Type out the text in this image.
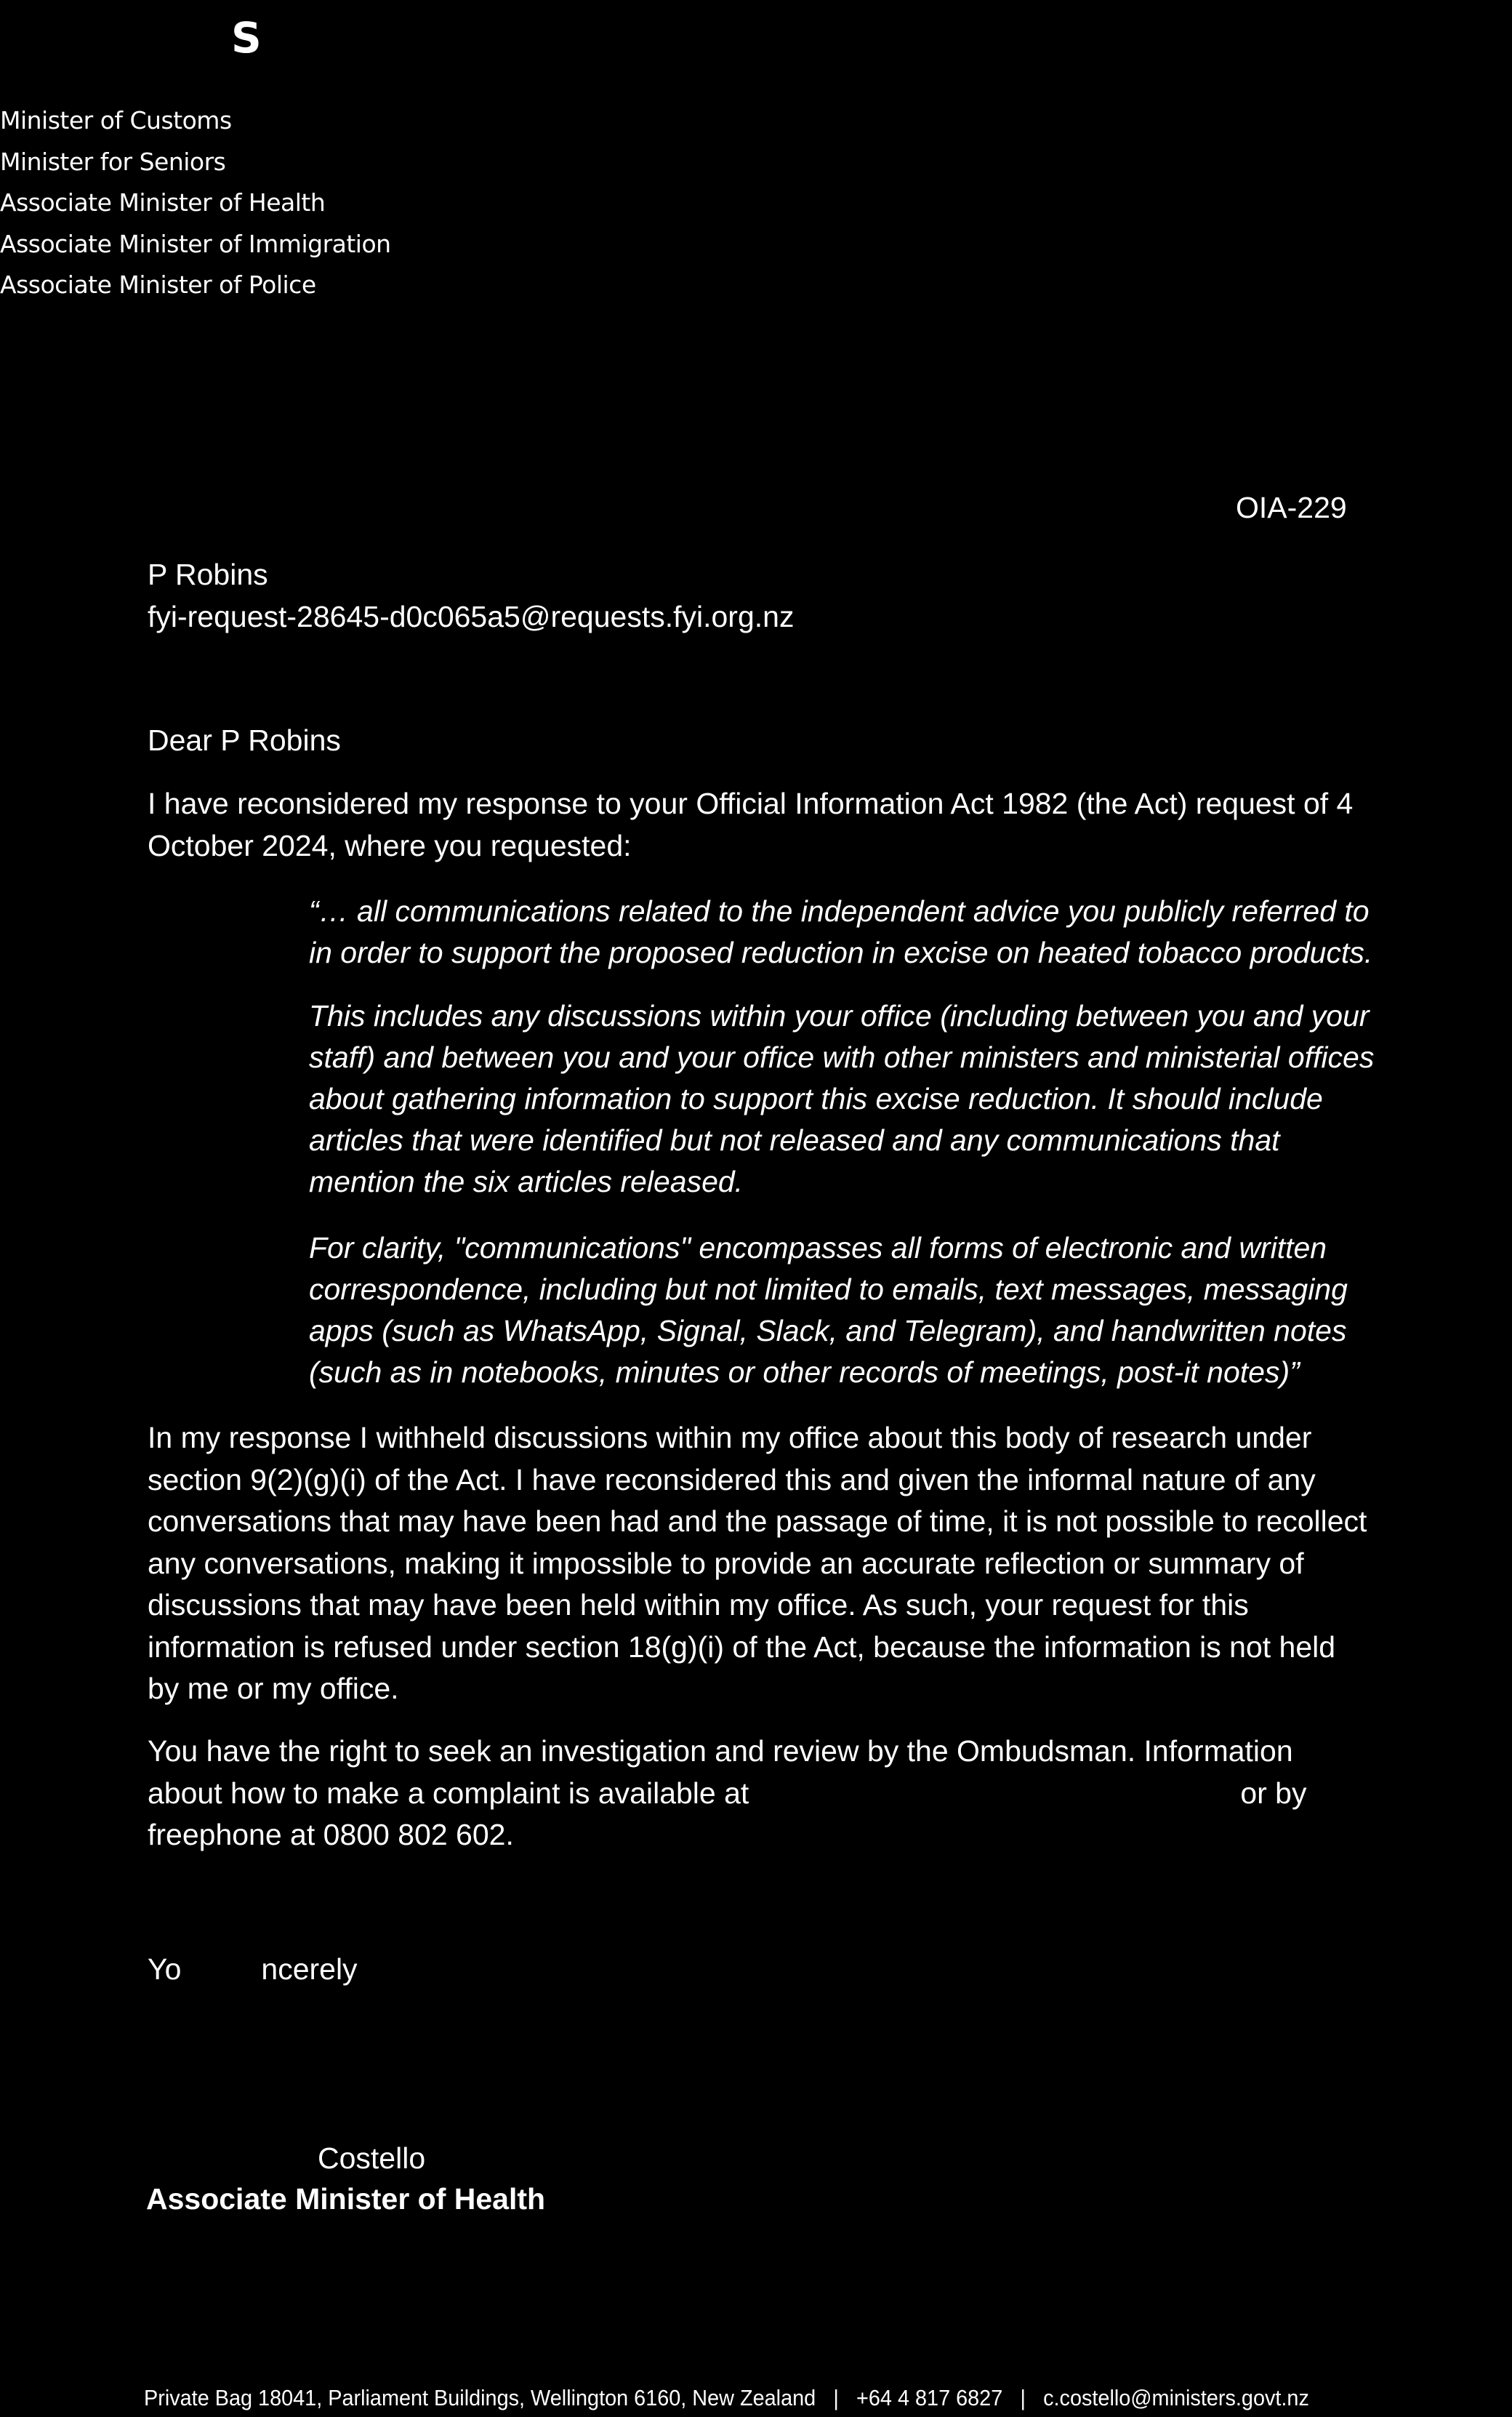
S
Minister of Customs
Minister for Seniors
Associate Minister of Health
Associate Minister of Immigration
Associate Minister of Police
OIA-229
P Robins
fyi-request-28645-d0c065a5@requests.fyi.org.nz
Dear P Robins
I have reconsidered my response to your Official Information Act 1982 (the Act) request of 4
October 2024, where you requested:
“… all communications related to the independent advice you publicly referred to
in order to support the proposed reduction in excise on heated tobacco products.
This includes any discussions within your office (including between you and your
staff) and between you and your office with other ministers and ministerial offices
about gathering information to support this excise reduction. It should include
articles that were identified but not released and any communications that
mention the six articles released.
For clarity, "communications" encompasses all forms of electronic and written
correspondence, including but not limited to emails, text messages, messaging
apps (such as WhatsApp, Signal, Slack, and Telegram), and handwritten notes
(such as in notebooks, minutes or other records of meetings, post-it notes)”
In my response I withheld discussions within my office about this body of research under
section 9(2)(g)(i) of the Act. I have reconsidered this and given the informal nature of any
conversations that may have been had and the passage of time, it is not possible to recollect
any conversations, making it impossible to provide an accurate reflection or summary of
discussions that may have been held within my office. As such, your request for this
information is refused under section 18(g)(i) of the Act, because the information is not held
by me or my office.
You have the right to seek an investigation and review by the Ombudsman. Information
about how to make a complaint is available at	or by
freephone at 0800 802 602.
Yo	ncerely
Costello
Associate Minister of Health
Private Bag 18041, Parliament Buildings, Wellington 6160, New Zealand | +64 4 817 6827 | c.costello@ministers.govt.nz
